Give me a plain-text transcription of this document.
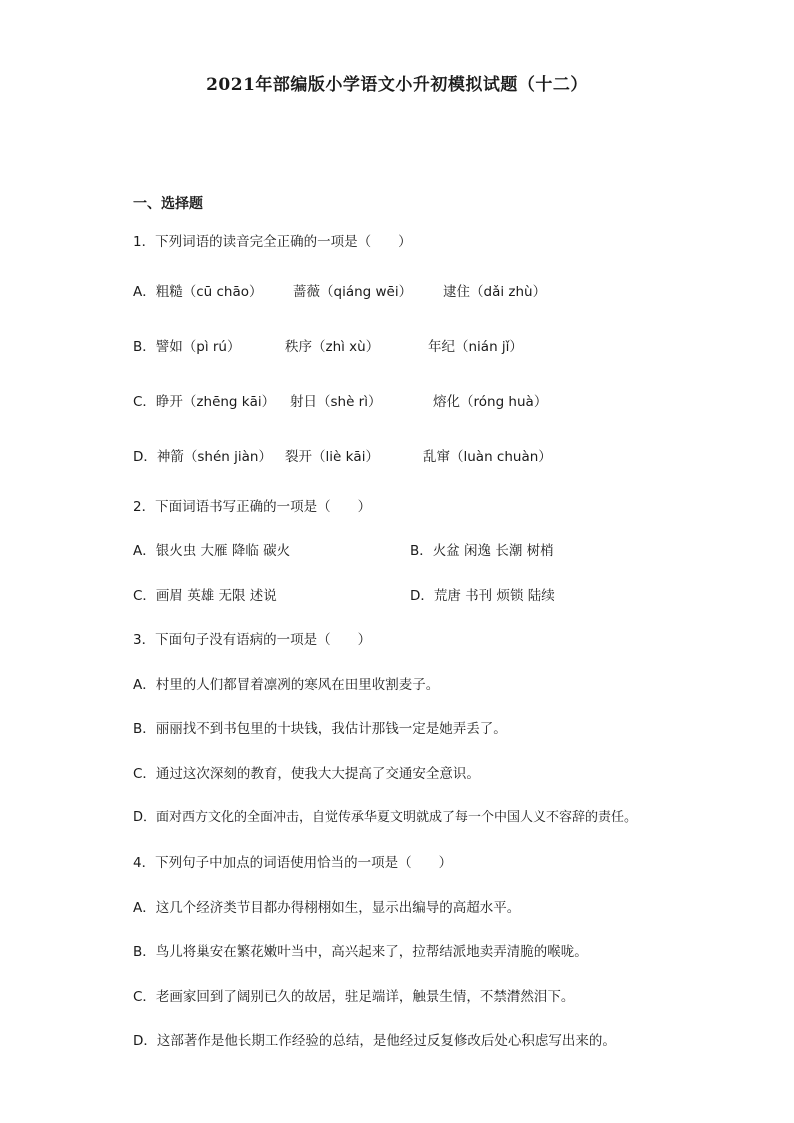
2021年部编版小学语文小升初模拟试题（十二）
一、选择题
1．下列词语的读音完全正确的一项是（　　）
A．粗糙（cū chāo） 蔷薇（qiáng wēi） 逮住（dǎi zhù）
B．譬如（pì rú）	秩序（zhì xù）	年纪（nián jǐ）
C．睁开（zhēng kāi） 射日（shè rì）	熔化（róng huà）
D．神箭（shén jiàn） 裂开（liè kāi）	乱窜（luàn chuàn）
2．下面词语书写正确的一项是（　　）
A．银火虫 大雁 降临 碳火	B．火盆 闲逸 长潮 树梢
C．画眉 英雄 无限 述说	D．荒唐 书刊 烦锁 陆续
3．下面句子没有语病的一项是（　　）
A．村里的人们都冒着凛冽的寒风在田里收割麦子。
B．丽丽找不到书包里的十块钱，我估计那钱一定是她弄丢了。
C．通过这次深刻的教育，使我大大提高了交通安全意识。
D．面对西方文化的全面冲击，自觉传承华夏文明就成了每一个中国人义不容辞的责任。
4．下列句子中加点的词语使用恰当的一项是（　　）
A．这几个经济类节目都办得栩栩如生，显示出编导的高超水平。
B．鸟儿将巢安在繁花嫩叶当中，高兴起来了，拉帮结派地卖弄清脆的喉咙。
C．老画家回到了阔别已久的故居，驻足端详，触景生情，不禁潸然泪下。
D．这部著作是他长期工作经验的总结，是他经过反复修改后处心积虑写出来的。
